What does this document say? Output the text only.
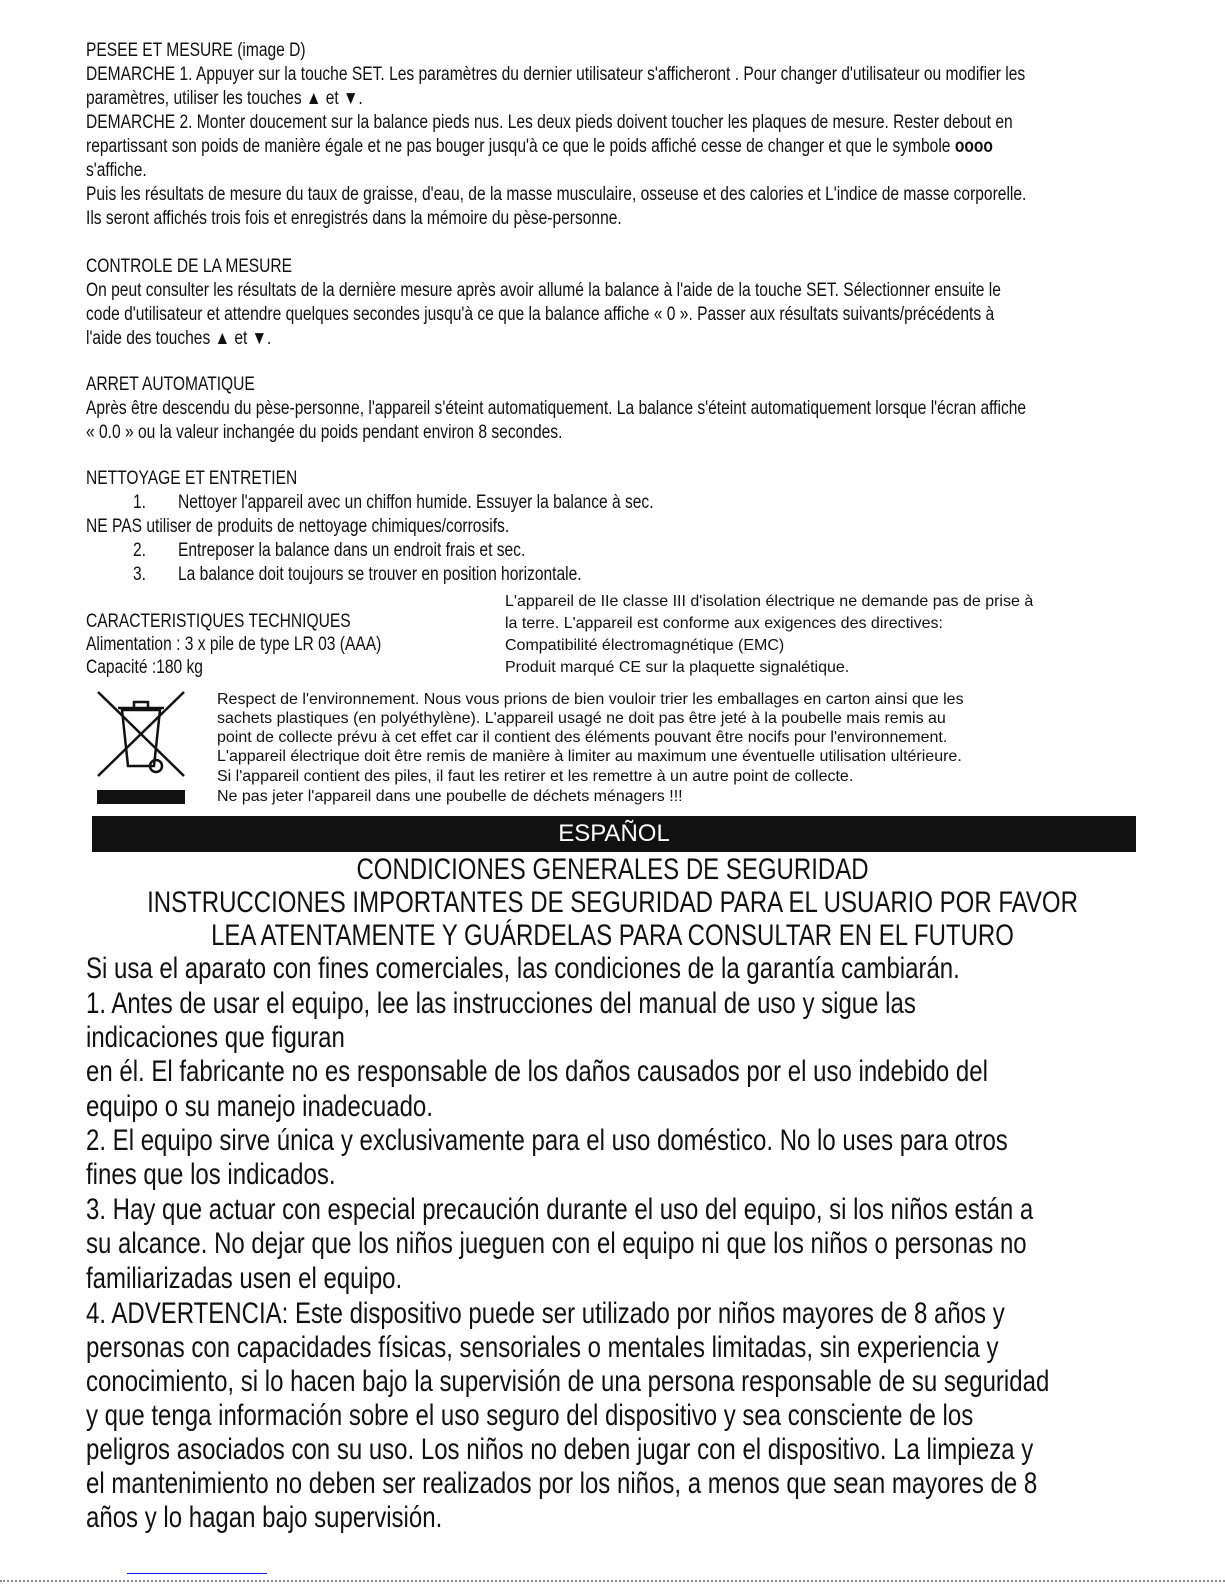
PESEE ET MESURE (image D)
DEMARCHE 1. Appuyer sur la touche SET. Les paramètres du dernier utilisateur s'afficheront . Pour changer d'utilisateur ou modifier les
paramètres, utiliser les touches ▲ et ▼.
DEMARCHE 2. Monter doucement sur la balance pieds nus. Les deux pieds doivent toucher les plaques de mesure. Rester debout en
repartissant son poids de manière égale et ne pas bouger jusqu'à ce que le poids affiché cesse de changer et que le symbole oooo
s'affiche.
Puis les résultats de mesure du taux de graisse, d'eau, de la masse musculaire, osseuse et des calories et L'indice de masse corporelle.
Ils seront affichés trois fois et enregistrés dans la mémoire du pèse-personne.
CONTROLE DE LA MESURE
On peut consulter les résultats de la dernière mesure après avoir allumé la balance à l'aide de la touche SET. Sélectionner ensuite le
code d'utilisateur et attendre quelques secondes jusqu'à ce que la balance affiche « 0 ». Passer aux résultats suivants/précédents à
l'aide des touches ▲ et ▼.
ARRET AUTOMATIQUE
Après être descendu du pèse-personne, l'appareil s'éteint automatiquement. La balance s'éteint automatiquement lorsque l'écran affiche
« 0.0 » ou la valeur inchangée du poids pendant environ 8 secondes.
NETTOYAGE ET ENTRETIEN
1. Nettoyer l'appareil avec un chiffon humide. Essuyer la balance à sec.
NE PAS utiliser de produits de nettoyage chimiques/corrosifs.
2. Entreposer la balance dans un endroit frais et sec.
3. La balance doit toujours se trouver en position horizontale.
CARACTERISTIQUES TECHNIQUES
Alimentation : 3 x pile de type LR 03 (AAA)
Capacité :180 kg
L'appareil de IIe classe III d'isolation électrique ne demande pas de prise à
la terre. L'appareil est conforme aux exigences des directives:
Compatibilité électromagnétique (EMC)
Produit marqué CE sur la plaquette signalétique.
Respect de l'environnement. Nous vous prions de bien vouloir trier les emballages en carton ainsi que les
sachets plastiques (en polyéthylène). L'appareil usagé ne doit pas être jeté à la poubelle mais remis au
point de collecte prévu à cet effet car il contient des éléments pouvant être nocifs pour l'environnement.
L'appareil électrique doit être remis de manière à limiter au maximum une éventuelle utilisation ultérieure.
Si l'appareil contient des piles, il faut les retirer et les remettre à un autre point de collecte.
Ne pas jeter l'appareil dans une poubelle de déchets ménagers !!!
ESPAÑOL
CONDICIONES GENERALES DE SEGURIDAD
INSTRUCCIONES IMPORTANTES DE SEGURIDAD PARA EL USUARIO POR FAVOR
LEA ATENTAMENTE Y GUÁRDELAS PARA CONSULTAR EN EL FUTURO
Si usa el aparato con fines comerciales, las condiciones de la garantía cambiarán.
1. Antes de usar el equipo, lee las instrucciones del manual de uso y sigue las
indicaciones que figuran
en él. El fabricante no es responsable de los daños causados por el uso indebido del
equipo o su manejo inadecuado.
2. El equipo sirve única y exclusivamente para el uso doméstico. No lo uses para otros
fines que los indicados.
3. Hay que actuar con especial precaución durante el uso del equipo, si los niños están a
su alcance. No dejar que los niños jueguen con el equipo ni que los niños o personas no
familiarizadas usen el equipo.
4. ADVERTENCIA: Este dispositivo puede ser utilizado por niños mayores de 8 años y
personas con capacidades físicas, sensoriales o mentales limitadas, sin experiencia y
conocimiento, si lo hacen bajo la supervisión de una persona responsable de su seguridad
y que tenga información sobre el uso seguro del dispositivo y sea consciente de los
peligros asociados con su uso. Los niños no deben jugar con el dispositivo. La limpieza y
el mantenimiento no deben ser realizados por los niños, a menos que sean mayores de 8
años y lo hagan bajo supervisión.
